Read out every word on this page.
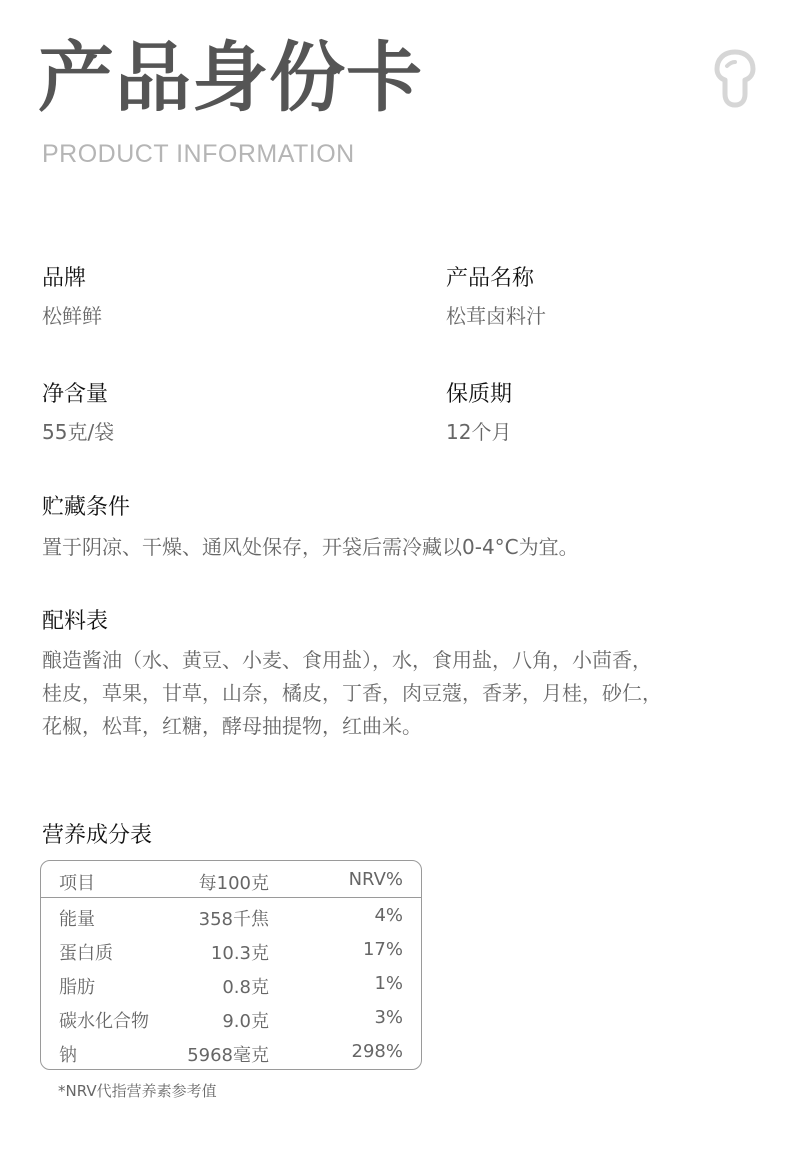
产品身份卡
PRODUCT INFORMATION
品牌
松鲜鲜
产品名称
松茸卤料汁
净含量
55克/袋
保质期
12个月
贮藏条件
置于阴凉、干燥、通风处保存，开袋后需冷藏以0-4°C为宜。
配料表
酿造酱油（水、黄豆、小麦、食用盐），水，食用盐，八角，小茴香，
桂皮，草果，甘草，山奈，橘皮，丁香，肉豆蔻，香茅，月桂，砂仁，
花椒，松茸，红糖，酵母抽提物，红曲米。
营养成分表
项目	每100克	NRV%
能量	358千焦	4%
蛋白质	10.3克	17%
脂肪	0.8克	1%
碳水化合物	9.0克	3%
钠	5968毫克	298%
*NRV代指营养素参考值
